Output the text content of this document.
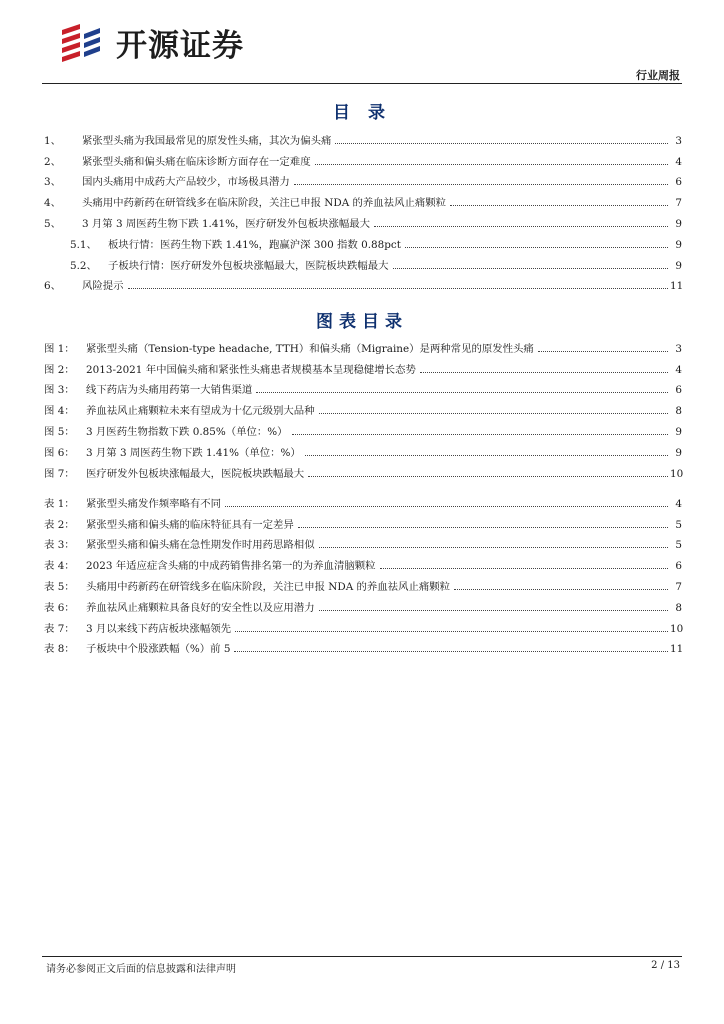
开源证券
行业周报
目 录
1、	紧张型头痛为我国最常见的原发性头痛，其次为偏头痛	3
2、	紧张型头痛和偏头痛在临床诊断方面存在一定难度	4
3、	国内头痛用中成药大产品较少，市场极具潜力	6
4、	头痛用中药新药在研管线多在临床阶段，关注已申报 NDA 的养血祛风止痛颗粒	7
5、	3 月第 3 周医药生物下跌 1.41%，医疗研发外包板块涨幅最大	9
5.1、	板块行情：医药生物下跌 1.41%，跑赢沪深 300 指数 0.88pct	9
5.2、	子板块行情：医疗研发外包板块涨幅最大，医院板块跌幅最大	9
6、	风险提示	11
图表目录
图 1：	紧张型头痛（Tension-type headache, TTH）和偏头痛（Migraine）是两种常见的原发性头痛	3
图 2：	2013-2021 年中国偏头痛和紧张性头痛患者规模基本呈现稳健增长态势	4
图 3：	线下药店为头痛用药第一大销售渠道	6
图 4：	养血祛风止痛颗粒未来有望成为十亿元级别大品种	8
图 5：	3 月医药生物指数下跌 0.85%（单位：%）	9
图 6：	3 月第 3 周医药生物下跌 1.41%（单位：%）	9
图 7：	医疗研发外包板块涨幅最大，医院板块跌幅最大	10
表 1：	紧张型头痛发作频率略有不同	4
表 2：	紧张型头痛和偏头痛的临床特征具有一定差异	5
表 3：	紧张型头痛和偏头痛在急性期发作时用药思路相似	5
表 4：	2023 年适应症含头痛的中成药销售排名第一的为养血清脑颗粒	6
表 5：	头痛用中药新药在研管线多在临床阶段，关注已申报 NDA 的养血祛风止痛颗粒	7
表 6：	养血祛风止痛颗粒具备良好的安全性以及应用潜力	8
表 7：	3 月以来线下药店板块涨幅领先	10
表 8：	子板块中个股涨跌幅（%）前 5	11
请务必参阅正文后面的信息披露和法律声明	2 / 13
